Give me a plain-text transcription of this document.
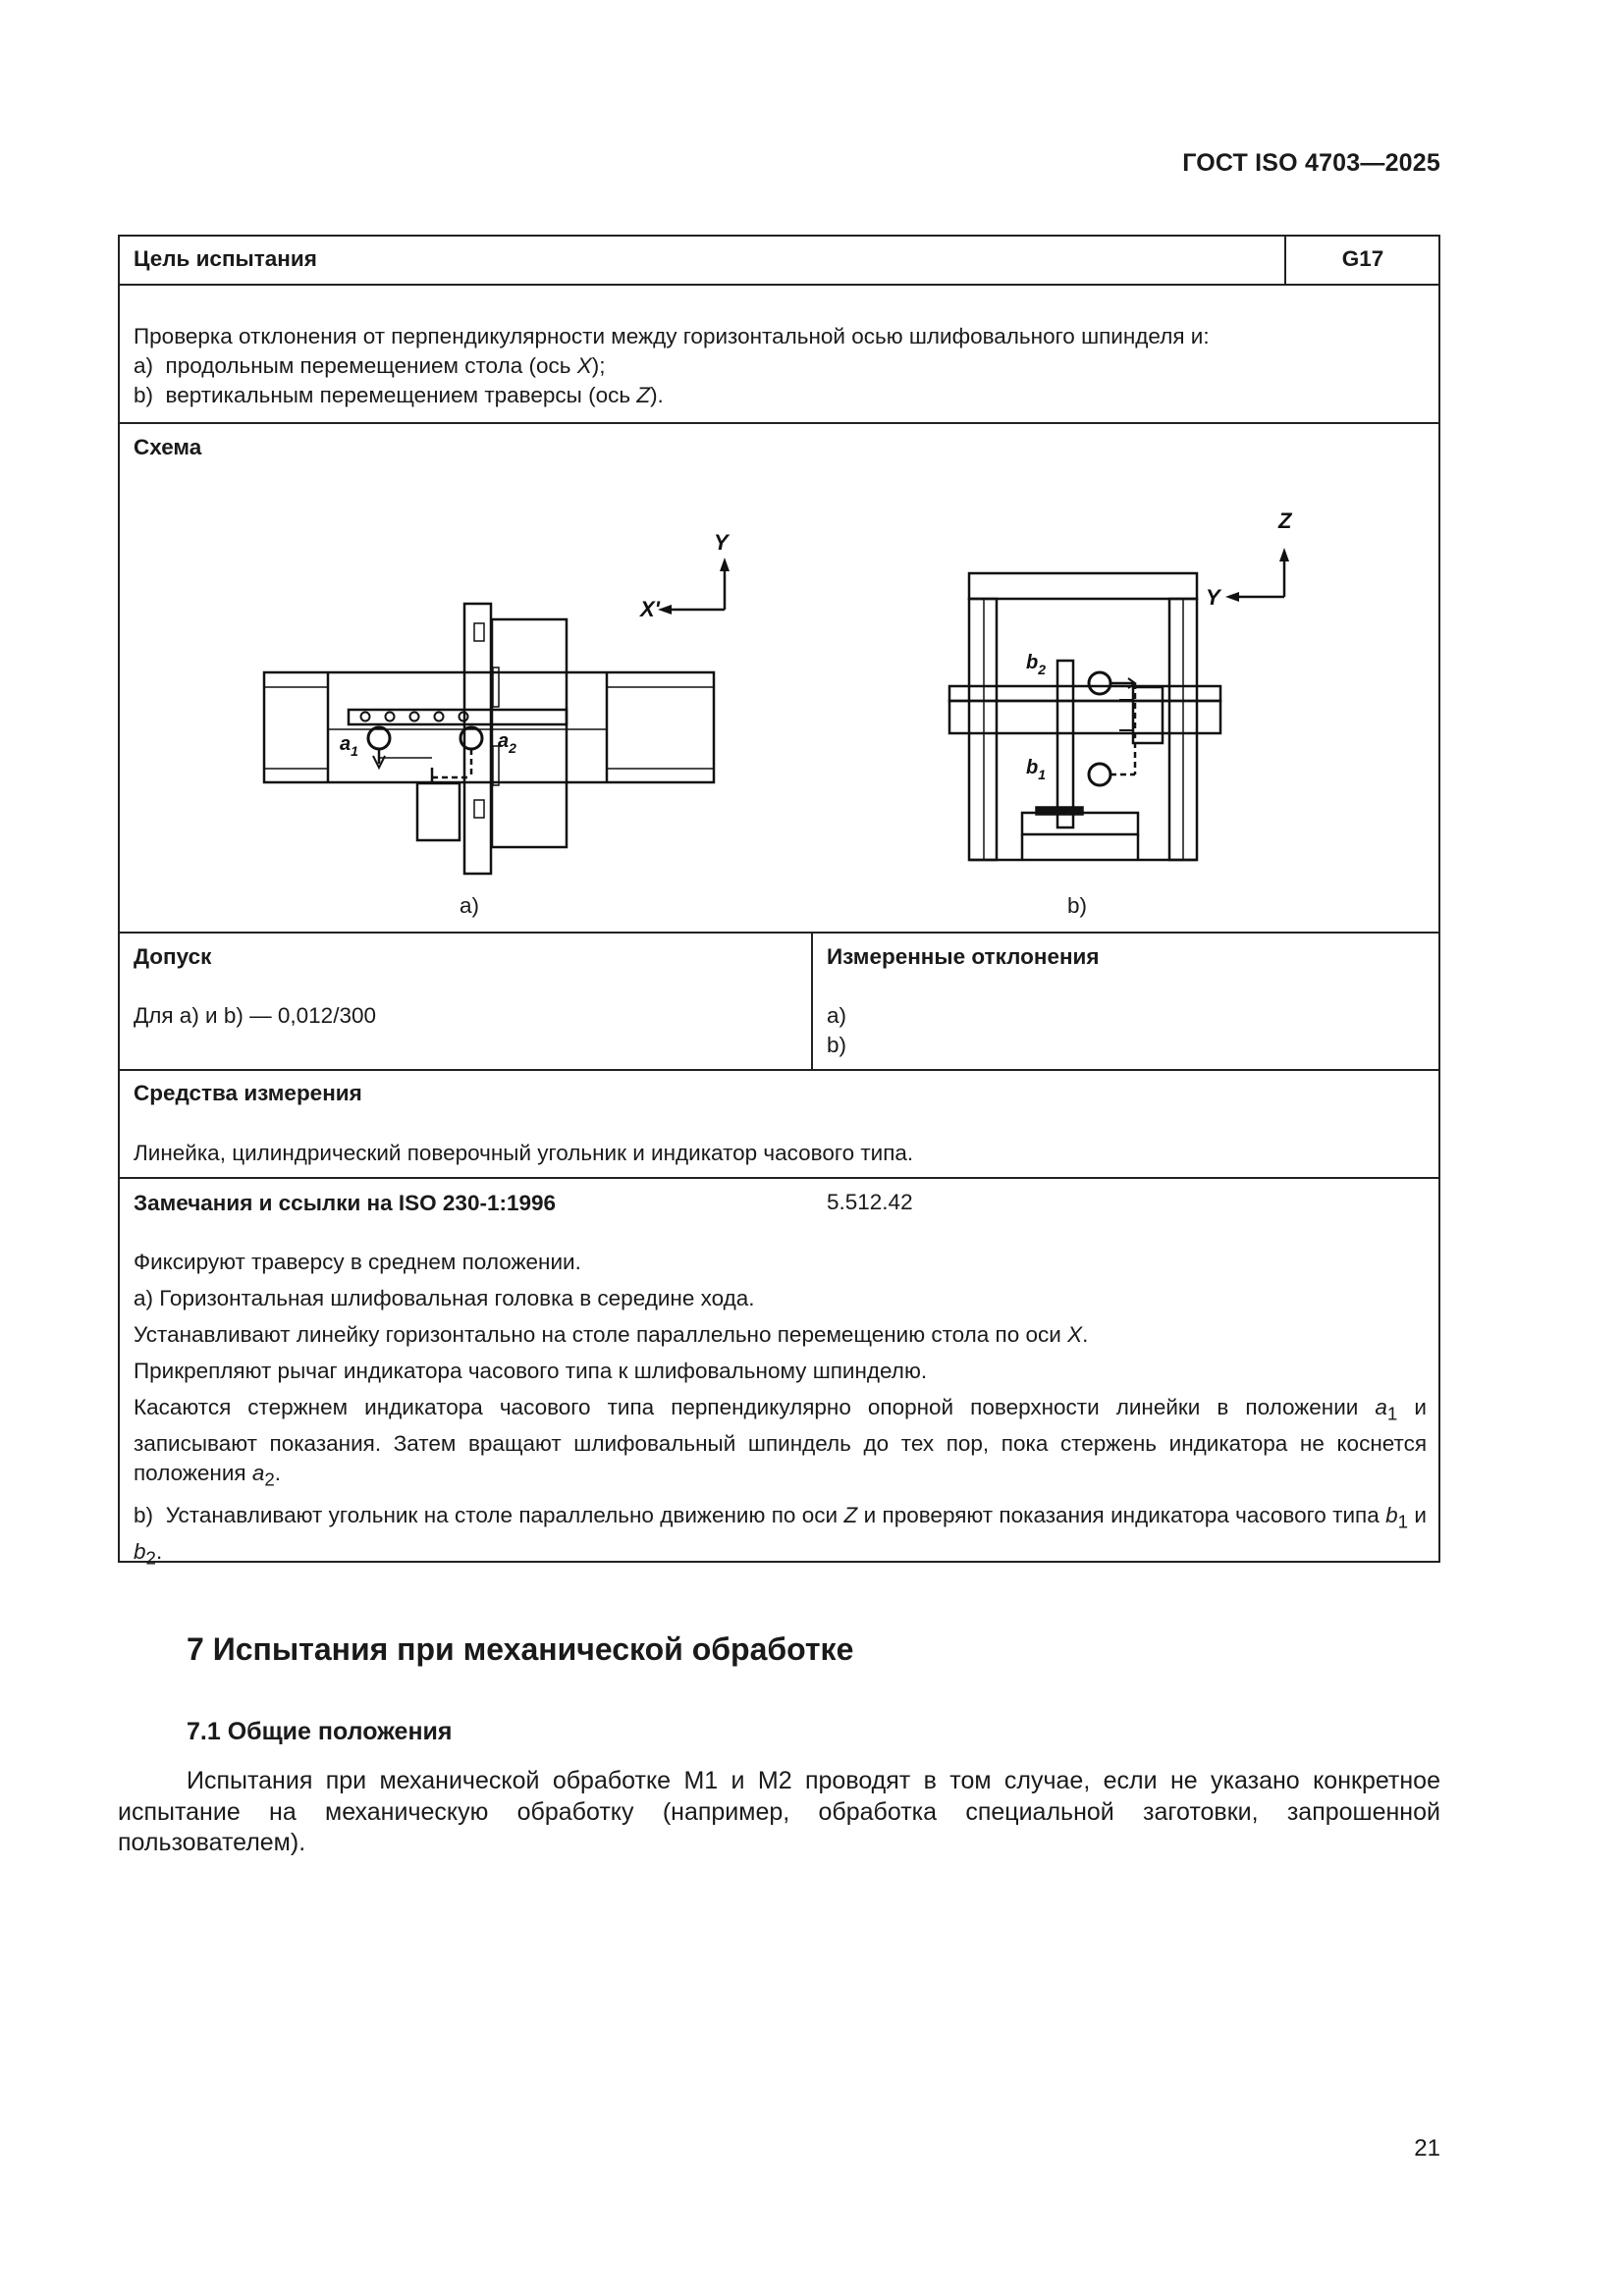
ГОСТ ISO 4703—2025
Цель испытания	G17

Проверка отклонения от перпендикулярности между горизонтальной осью шлифовального шпинделя и:

a)  продольным перемещением стола (ось X);

b)  вертикальным перемещением траверсы (ось Z).

Схема
Y
X'
$a_1$	$a_2$
Z
Y
$b_2$
$b_1$
a)	b)
Допуск
Для a) и b) — 0,012/300
Измеренные отклонения

a)

b)

Средства измерения
Линейка, цилиндрический поверочный угольник и индикатор часового типа.
Замечания и ссылки на ISO 230-1:1996	5.512.42

Фиксируют траверсу в среднем положении.

a) Горизонтальная шлифовальная головка в середине хода.

Устанавливают линейку горизонтально на столе параллельно перемещению стола по оси X.

Прикрепляют рычаг индикатора часового типа к шлифовальному шпинделю.

Касаются стержнем индикатора часового типа перпендикулярно опорной поверхности линейки в положении $a_1$ и записывают показания. Затем вращают шлифовальный шпиндель до тех пор, пока стержень индикатора не коснется положения $a_2$.

b)  Устанавливают угольник на столе параллельно движению по оси Z и проверяют показания индикатора часового типа $b_1$ и $b_2$.

7 Испытания при механической обработке
7.1 Общие положения
Испытания при механической обработке М1 и М2 проводят в том случае, если не указано конкретное испытание на механическую обработку (например, обработка специальной заготовки, запрошенной пользователем).
21
